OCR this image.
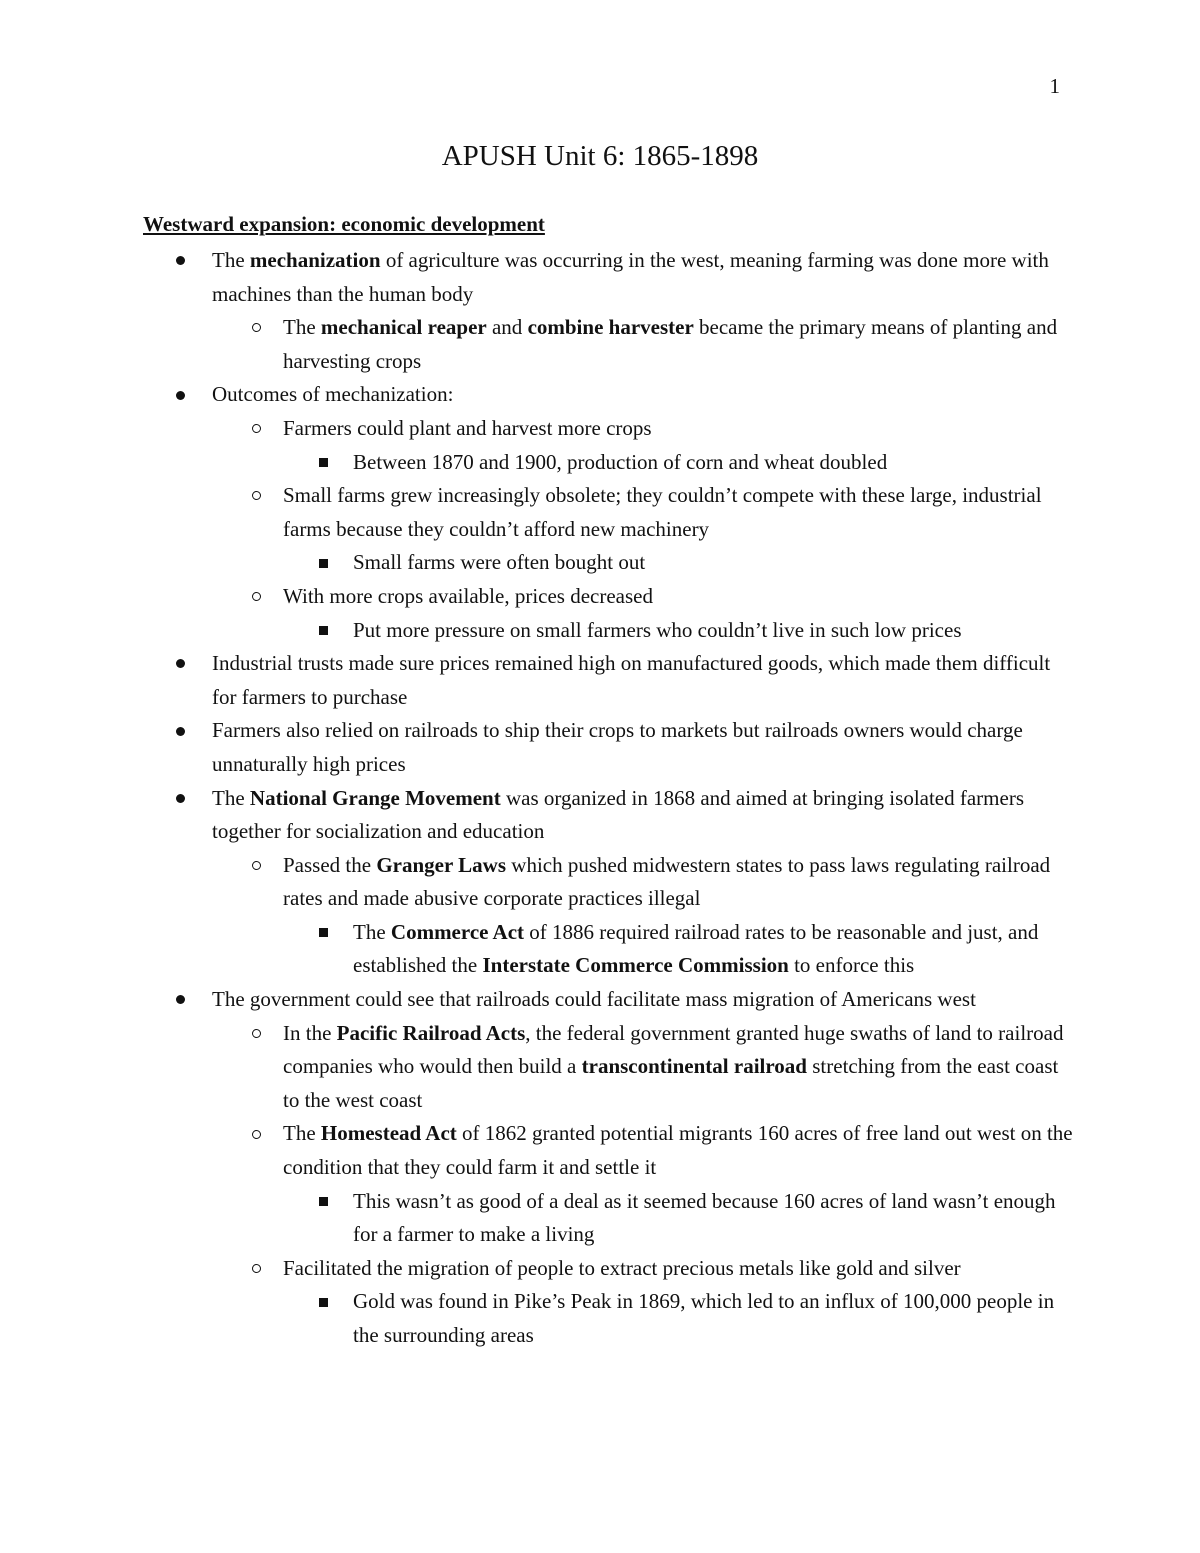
1
APUSH Unit 6: 1865-1898
Westward expansion: economic development
The mechanization of agriculture was occurring in the west, meaning farming was done more with machines than the human body
The mechanical reaper and combine harvester became the primary means of planting and harvesting crops
Outcomes of mechanization:
Farmers could plant and harvest more crops
Between 1870 and 1900, production of corn and wheat doubled
Small farms grew increasingly obsolete; they couldn’t compete with these large, industrial farms because they couldn’t afford new machinery
Small farms were often bought out
With more crops available, prices decreased
Put more pressure on small farmers who couldn’t live in such low prices
Industrial trusts made sure prices remained high on manufactured goods, which made them difficult for farmers to purchase
Farmers also relied on railroads to ship their crops to markets but railroads owners would charge unnaturally high prices
The National Grange Movement was organized in 1868 and aimed at bringing isolated farmers together for socialization and education
Passed the Granger Laws which pushed midwestern states to pass laws regulating railroad rates and made abusive corporate practices illegal
The Commerce Act of 1886 required railroad rates to be reasonable and just, and established the Interstate Commerce Commission to enforce this
The government could see that railroads could facilitate mass migration of Americans west
In the Pacific Railroad Acts, the federal government granted huge swaths of land to railroad companies who would then build a transcontinental railroad stretching from the east coast to the west coast
The Homestead Act of 1862 granted potential migrants 160 acres of free land out west on the condition that they could farm it and settle it
This wasn’t as good of a deal as it seemed because 160 acres of land wasn’t enough for a farmer to make a living
Facilitated the migration of people to extract precious metals like gold and silver
Gold was found in Pike’s Peak in 1869, which led to an influx of 100,000 people in the surrounding areas
